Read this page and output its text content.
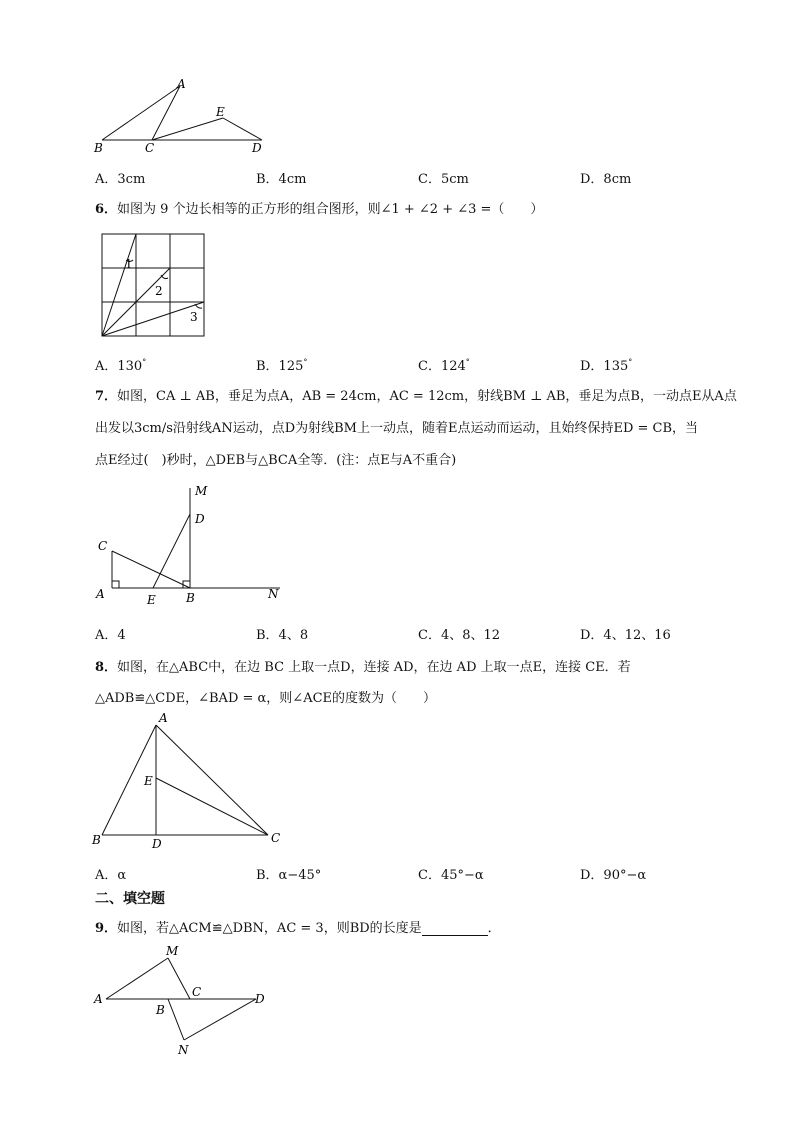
A
B	C	D
E
A．3cm	B．4cm	C．5cm	D．8cm
6．如图为 9 个边长相等的正方形的组合图形，则∠1 + ∠2 + ∠3 =（　　）
1
2
3
A．130°	B．125°	C．124°	D．135°
7．如图，CA ⊥ AB，垂足为点A，AB = 24cm，AC = 12cm，射线BM ⊥ AB，垂足为点B，一动点E从A点
出发以3cm/s沿射线AN运动，点D为射线BM上一动点，随着E点运动而运动，且始终保持ED = CB，当
点E经过(　)秒时，△DEB与△BCA全等．(注：点E与A不重合)
M
D
C
A	E	B	N
A．4	B．4、8	C．4、8、12	D．4、12、16
8．如图，在△ABC中，在边 BC 上取一点D，连接 AD，在边 AD 上取一点E，连接 CE．若
△ADB≌△CDE，∠BAD = α，则∠ACE的度数为（　　）
A
E
B	D	C
A．α	B．α−45°	C．45°−α	D．90°−α
二、填空题
9．如图，若△ACM≌△DBN，AC = 3，则BD的长度是	．
M
A	C	D
B
N
